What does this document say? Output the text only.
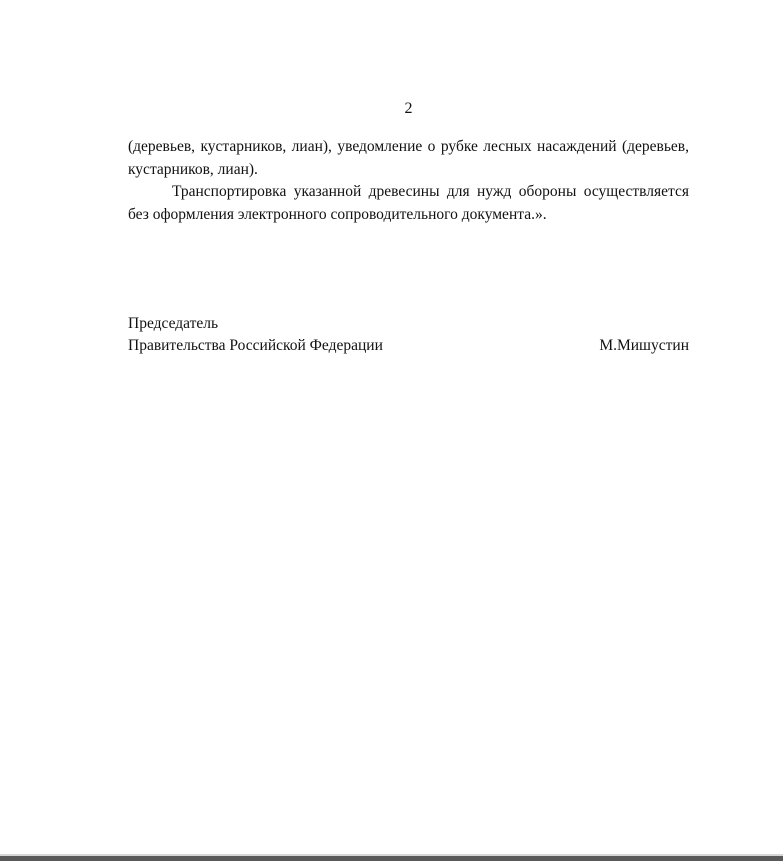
2

(деревьев, кустарников, лиан), уведомление о рубке лесных насаждений (деревьев, кустарников, лиан).

Транспортировка указанной древесины для нужд обороны осуществляется без оформления электронного сопроводительного документа.».

Председатель
Правительства Российской Федерации	М.Мишустин
